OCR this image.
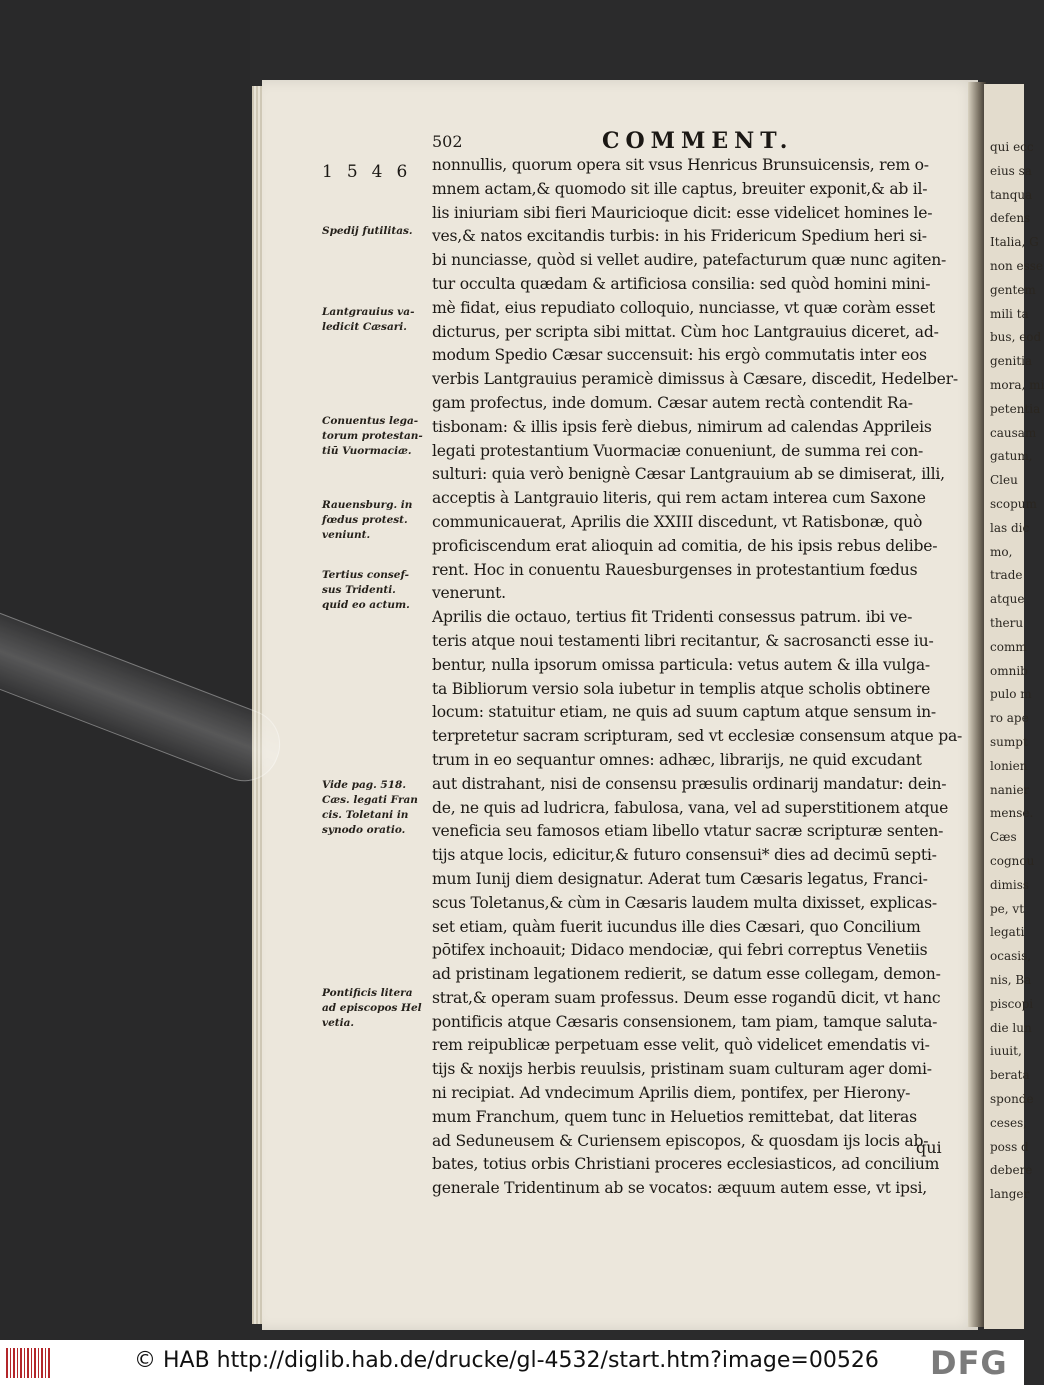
qui ecc
eius sa
tanqua
defens
Italia, G
non esse
gentem
mili ta
bus, eod
genitia
mora, mi
petentia
causam
gatum,
Cleu
scopum
las dic
mo,
trade
atque
theru
comm
omnib
pulo m
ro ape
sumpt
lonien
nanier
mense.
Cæs
cognou
dimiss
pe, vt
legati
ocasis,
nis, Ba
piscopi
die lun
iuuit,
berata
sponde
ceses,
poss d
debere
langer
502	COMMENT.
1546 nonnullis, quorum opera sit vsus Henricus Brunsuicensis, rem o-
mnem actam,& quomodo sit ille captus, breuiter exponit,& ab il-
lis iniuriam sibi fieri Mauricioque dicit: esse videlicet homines le-
ves,& natos excitandis turbis: in his Fridericum Spedium heri si-
bi nunciasse, quòd si vellet audire, patefacturum quæ nunc agiten-
tur occulta quædam & artificiosa consilia: sed quòd homini mini-
mè fidat, eius repudiato colloquio, nunciasse, vt quæ coràm esset
dicturus, per scripta sibi mittat. Cùm hoc Lantgrauius diceret, ad-
modum Spedio Cæsar succensuit: his ergò commutatis inter eos
verbis Lantgrauius peramicè dimissus à Cæsare, discedit, Hedelber-
gam profectus, inde domum. Cæsar autem rectà contendit Ra-
tisbonam: & illis ipsis ferè diebus, nimirum ad calendas Apprileis
legati protestantium Vuormaciæ conueniunt, de summa rei con-
sulturi: quia verò benignè Cæsar Lantgrauium ab se dimiserat, illi,
acceptis à Lantgrauio literis, qui rem actam interea cum Saxone
communicauerat, Aprilis die XXIII discedunt, vt Ratisbonæ, quò
proficiscendum erat alioquin ad comitia, de his ipsis rebus delibe-
rent. Hoc in conuentu Rauesburgenses in protestantium fœdus
venerunt.
Aprilis die octauo, tertius fit Tridenti consessus patrum. ibi ve-
teris atque noui testamenti libri recitantur, & sacrosancti esse iu-
bentur, nulla ipsorum omissa particula: vetus autem & illa vulga-
ta Bibliorum versio sola iubetur in templis atque scholis obtinere
locum: statuitur etiam, ne quis ad suum captum atque sensum in-
terpretetur sacram scripturam, sed vt ecclesiæ consensum atque pa-
trum in eo sequantur omnes: adhæc, librarijs, ne quid excudant
aut distrahant, nisi de consensu præsulis ordinarij mandatur: dein-
de, ne quis ad ludricra, fabulosa, vana, vel ad superstitionem atque
veneficia seu famosos etiam libello vtatur sacræ scripturæ senten-
tijs atque locis, edicitur,& futuro consensui* dies ad decimū septi-
mum Iunij diem designatur. Aderat tum Cæsaris legatus, Franci-
scus Toletanus,& cùm in Cæsaris laudem multa dixisset, explicas-
set etiam, quàm fuerit iucundus ille dies Cæsari, quo Concilium
pōtifex inchoauit; Didaco mendociæ, qui febri correptus Venetiis
ad pristinam legationem redierit, se datum esse collegam, demon-
strat,& operam suam professus. Deum esse rogandū dicit, vt hanc
pontificis atque Cæsaris consensionem, tam piam, tamque saluta-
rem reipublicæ perpetuam esse velit, quò videlicet emendatis vi-
tijs & noxijs herbis reuulsis, pristinam suam culturam ager domi-
ni recipiat. Ad vndecimum Aprilis diem, pontifex, per Hierony-
mum Franchum, quem tunc in Heluetios remittebat, dat literas
ad Seduneusem & Curiensem episcopos, & quosdam ijs locis ab-
bates, totius orbis Christiani proceres ecclesiasticos, ad concilium
generale Tridentinum ab se vocatos: æquum autem esse, vt ipsi,
qui
Spedij futilitas.
Lantgrauius va-
ledicit Cæsari.
Conuentus lega-
torum protestan-
tiū Vuormaciæ.
Rauensburg. in
fœdus protest.
veniunt.
Tertius consef-
sus Tridenti.
quid eo actum.
Vide pag. 518.
Cæs. legati Fran
cis. Toletani in
synodo oratio.
Pontificis litera
ad episcopos Hel
vetia.
© HAB http://diglib.hab.de/drucke/gl-4532/start.htm?image=00526 DFG
